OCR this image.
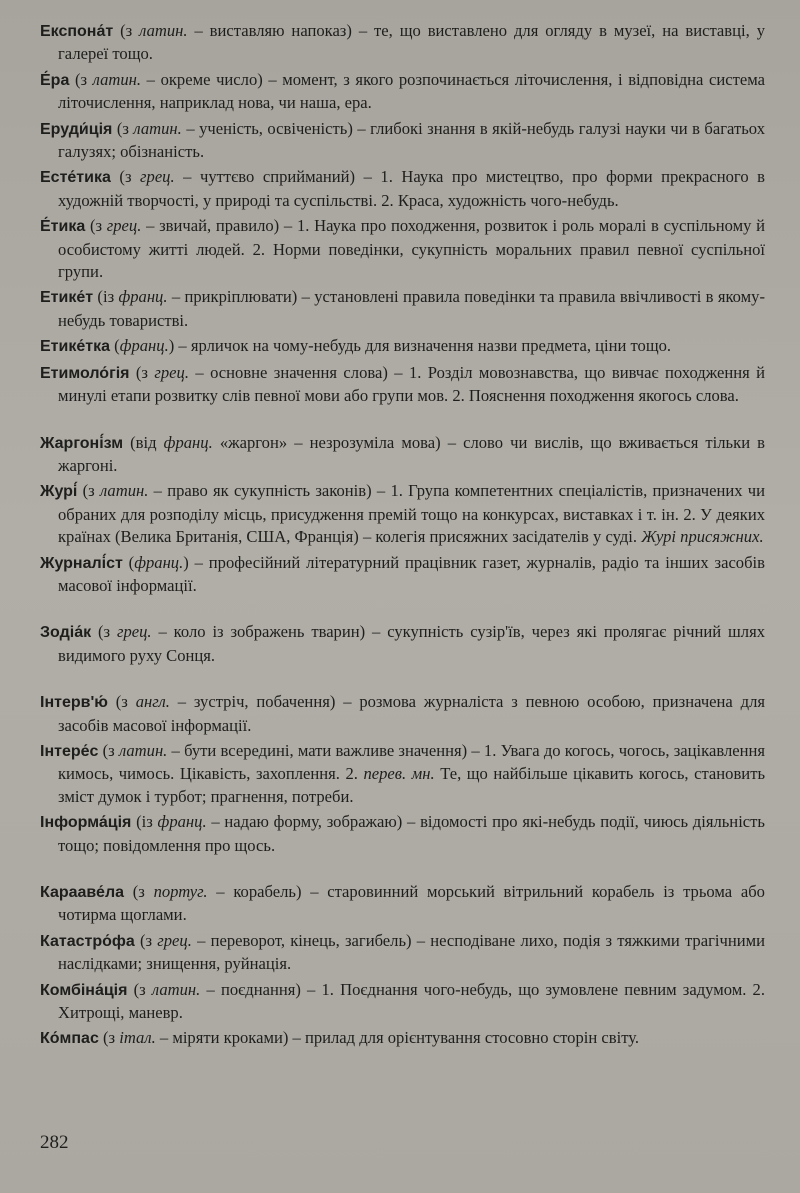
Експона́т (з латин. – виставляю напоказ) – те, що виставлено для огляду в музеї, на виставці, у галереї тощо.

Е́ра (з латин. – окреме число) – момент, з якого розпочинається літочислення, і відповідна система літочислення, наприклад нова, чи наша, ера.

Еруди́ція (з латин. – ученість, освіченість) – глибокі знання в якій-небудь галузі науки чи в багатьох галузях; обізнаність.

Есте́тика (з грец. – чуттєво сприйманий) – 1. Наука про мистецтво, про форми прекрасного в художній творчості, у природі та суспільстві. 2. Краса, художність чого-небудь.

Е́тика (з грец. – звичай, правило) – 1. Наука про походження, розвиток і роль моралі в суспільному й особистому житті людей. 2. Норми поведінки, сукупність моральних правил певної суспільної групи.

Етике́т (із франц. – прикріплювати) – установлені правила поведінки та правила ввічливості в якому-небудь товаристві.

Етике́тка (франц.) – ярличок на чому-небудь для визначення назви предмета, ціни тощо.

Етимоло́гія (з грец. – основне значення слова) – 1. Розділ мовознавства, що вивчає походження й минулі етапи розвитку слів певної мови або групи мов. 2. Пояснення походження якогось слова.

Жаргоні́зм (від франц. «жаргон» – незрозуміла мова) – слово чи вислів, що вживається тільки в жаргоні.

Журі́ (з латин. – право як сукупність законів) – 1. Група компетентних спеціалістів, призначених чи обраних для розподілу місць, присудження премій тощо на конкурсах, виставках і т. ін. 2. У деяких країнах (Велика Британія, США, Франція) – колегія присяжних засідателів у суді. Журі присяжних.

Журналі́ст (франц.) – професійний літературний працівник газет, журналів, радіо та інших засобів масової інформації.

Зодіа́к (з грец. – коло із зображень тварин) – сукупність сузір'їв, через які пролягає річний шлях видимого руху Сонця.

Інтерв'ю́ (з англ. – зустріч, побачення) – розмова журналіста з певною особою, призначена для засобів масової інформації.

Інтере́с (з латин. – бути всередині, мати важливе значення) – 1. Увага до когось, чогось, зацікавлення кимось, чимось. Цікавість, захоплення. 2. перев. мн. Те, що найбільше цікавить когось, становить зміст думок і турбот; прагнення, потреби.

Інформа́ція (із франц. – надаю форму, зображаю) – відомості про які-небудь події, чиюсь діяльність тощо; повідомлення про щось.

Карааве́ла (з португ. – корабель) – старовинний морський вітрильний корабель із трьома або чотирма щоглами.

Катастро́фа (з грец. – переворот, кінець, загибель) – несподіване лихо, подія з тяжкими трагічними наслідками; знищення, руйнація.

Комбіна́ція (з латин. – поєднання) – 1. Поєднання чого-небудь, що зумовлене певним задумом. 2. Хитрощі, маневр.

Ко́мпас (з італ. – міряти кроками) – прилад для орієнтування стосовно сторін світу.

282
